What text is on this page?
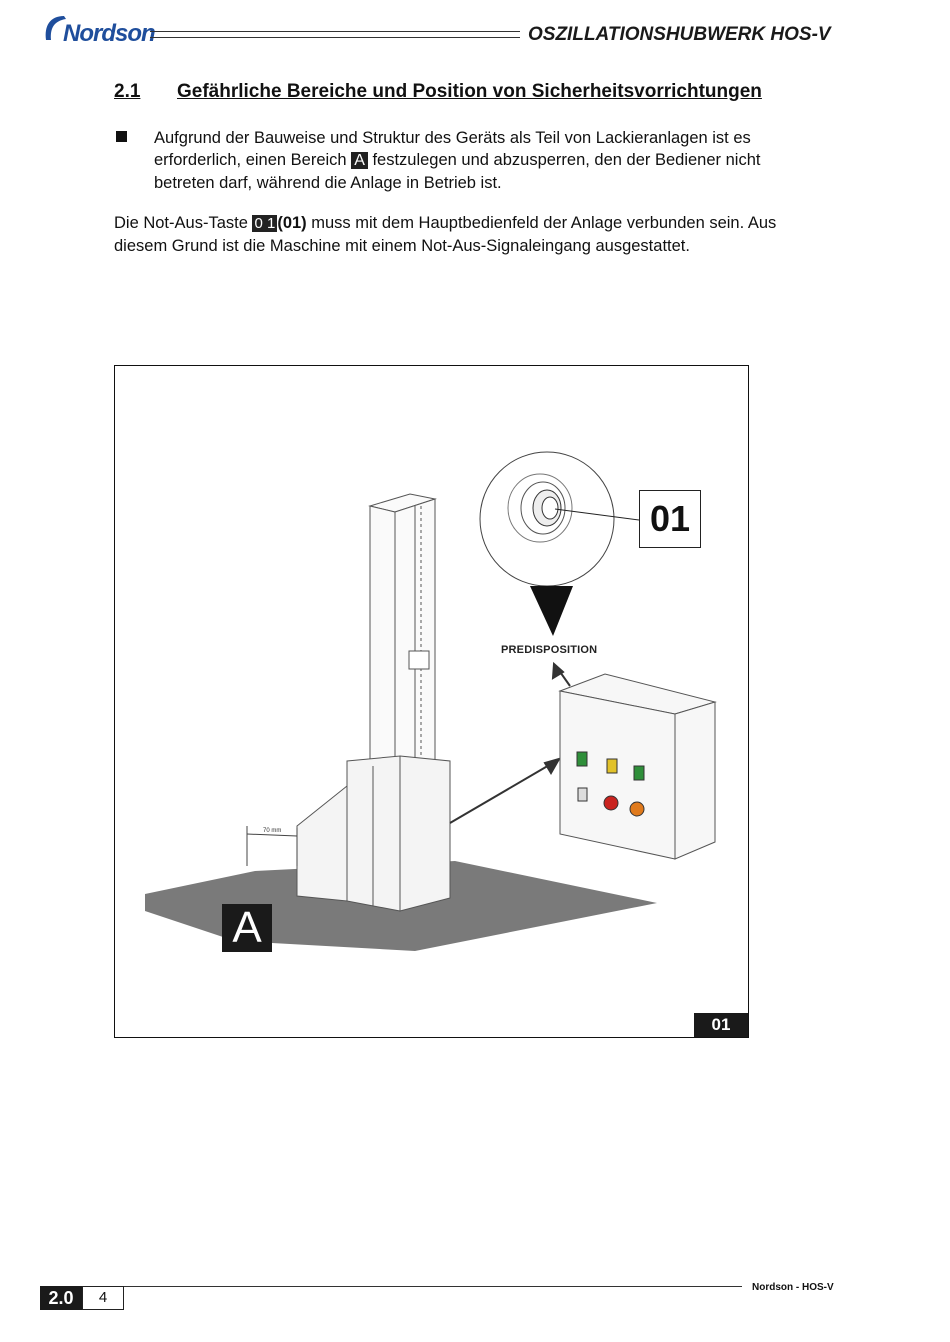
Nordson	OSZILLATIONSHUBWERK HOS-V
2.1 Gefährliche Bereiche und Position von Sicherheitsvorrichtungen
Aufgrund der Bauweise und Struktur des Geräts als Teil von Lackieranlagen ist es erforderlich, einen Bereich A festzulegen und abzusperren, den der Bediener nicht betreten darf, während die Anlage in Betrieb ist.
Die Not-Aus-Taste 0 1 (01) muss mit dem Hauptbedienfeld der Anlage verbunden sein. Aus diesem Grund ist die Maschine mit einem Not-Aus-Signaleingang ausgestattet.
70 mm
PREDISPOSITION
01
A
01
2.0	4
Nordson - HOS-V
